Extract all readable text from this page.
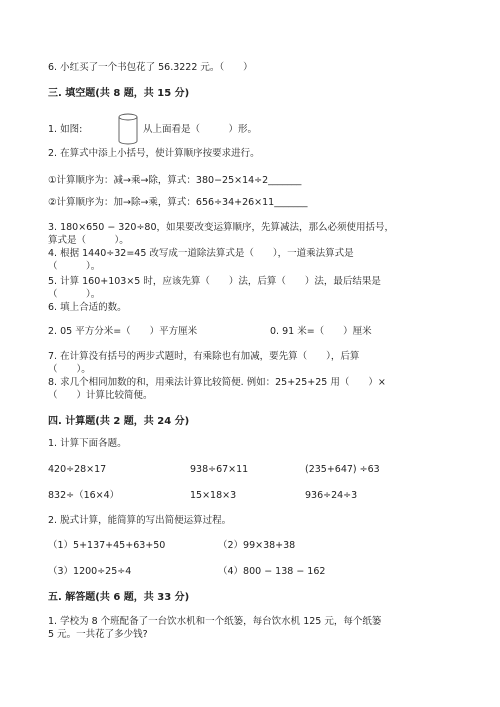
6. 小红买了一个书包花了 56.3222 元。（　　）
三. 填空题(共 8 题，共 15 分)
1. 如图:	从上面看是（　　　）形。
2. 在算式中添上小括号，使计算顺序按要求进行。
①计算顺序为：减→乘→除，算式：380−25×14÷2_______
②计算顺序为：加→除→乘，算式：656÷34+26×11_______
3. 180×650 − 320÷80，如果要改变运算顺序，先算减法，那么必须使用括号，
算式是（　　　）。
4. 根据 1440÷32=45 改写成一道除法算式是（　　），一道乘法算式是
（　　　）。
5. 计算 160+103×5 时，应该先算（　　）法，后算（　　）法，最后结果是
（　　　）。
6. 填上合适的数。
2. 05 平方分米=（　　）平方厘米	0. 91 米=（　　）厘米
7. 在计算没有括号的两步式题时，有乘除也有加减，要先算（　　），后算
（　　）。
8. 求几个相同加数的和，用乘法计算比较简便. 例如：25+25+25 用（　　）×
（　　）计算比较简便。
四. 计算题(共 2 题，共 24 分)
1. 计算下面各题。
420÷28×17	938÷67×11	(235+647) ÷63
832÷（16×4）	15×18×3	936÷24÷3
2. 脱式计算，能简算的写出简便运算过程。
（1）5+137+45+63+50	（2）99×38+38
（3）1200÷25÷4	（4）800 − 138 − 162
五. 解答题(共 6 题，共 33 分)
1. 学校为 8 个班配备了一台饮水机和一个纸篓，每台饮水机 125 元，每个纸篓
5 元。一共花了多少钱?
